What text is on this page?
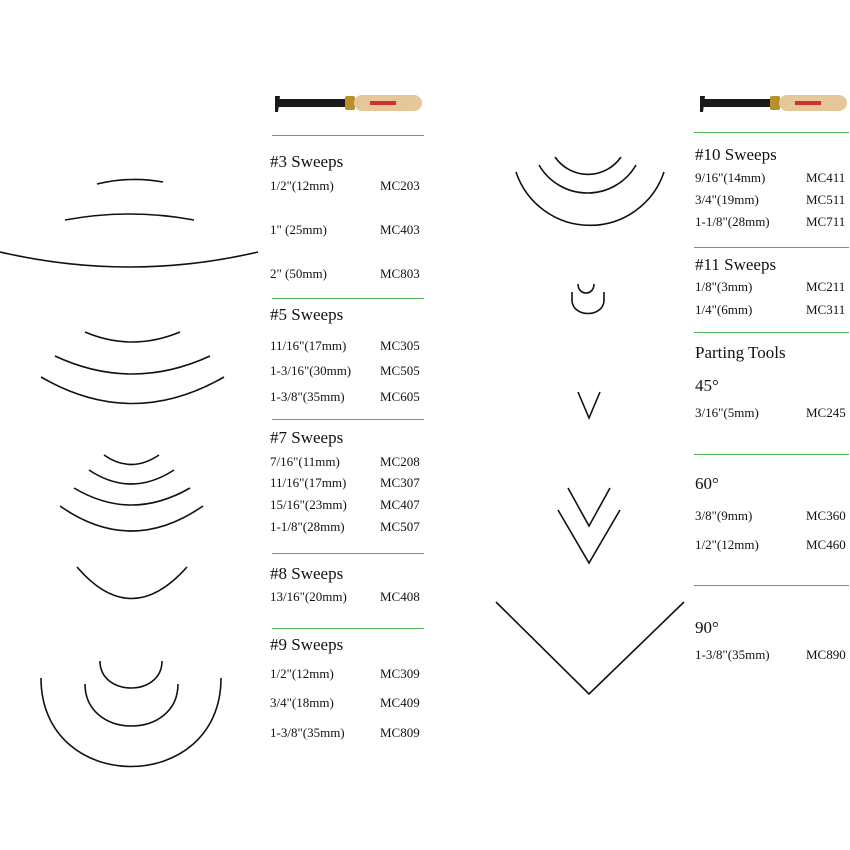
#3 Sweeps
1/2"(12mm)	MC203
1" (25mm)	MC403
2" (50mm)	MC803
#5 Sweeps
11/16"(17mm)	MC305
1-3/16"(30mm) MC505
1-3/8"(35mm)	MC605
#7 Sweeps
7/16"(11mm)	MC208
11/16"(17mm)	MC307
15/16"(23mm)	MC407
1-1/8"(28mm)	MC507
#8 Sweeps
13/16"(20mm)	MC408
#9 Sweeps
1/2"(12mm)	MC309
3/4"(18mm)	MC409
1-3/8"(35mm)	MC809
#10 Sweeps
9/16"(14mm)	MC411
3/4"(19mm)	MC511
1-1/8"(28mm)	MC711
#11 Sweeps
1/8"(3mm)	MC211
1/4"(6mm)	MC311
Parting Tools
45°
3/16"(5mm)	MC245
60°
3/8"(9mm)	MC360
1/2"(12mm)	MC460
90°
1-3/8"(35mm)	MC890
